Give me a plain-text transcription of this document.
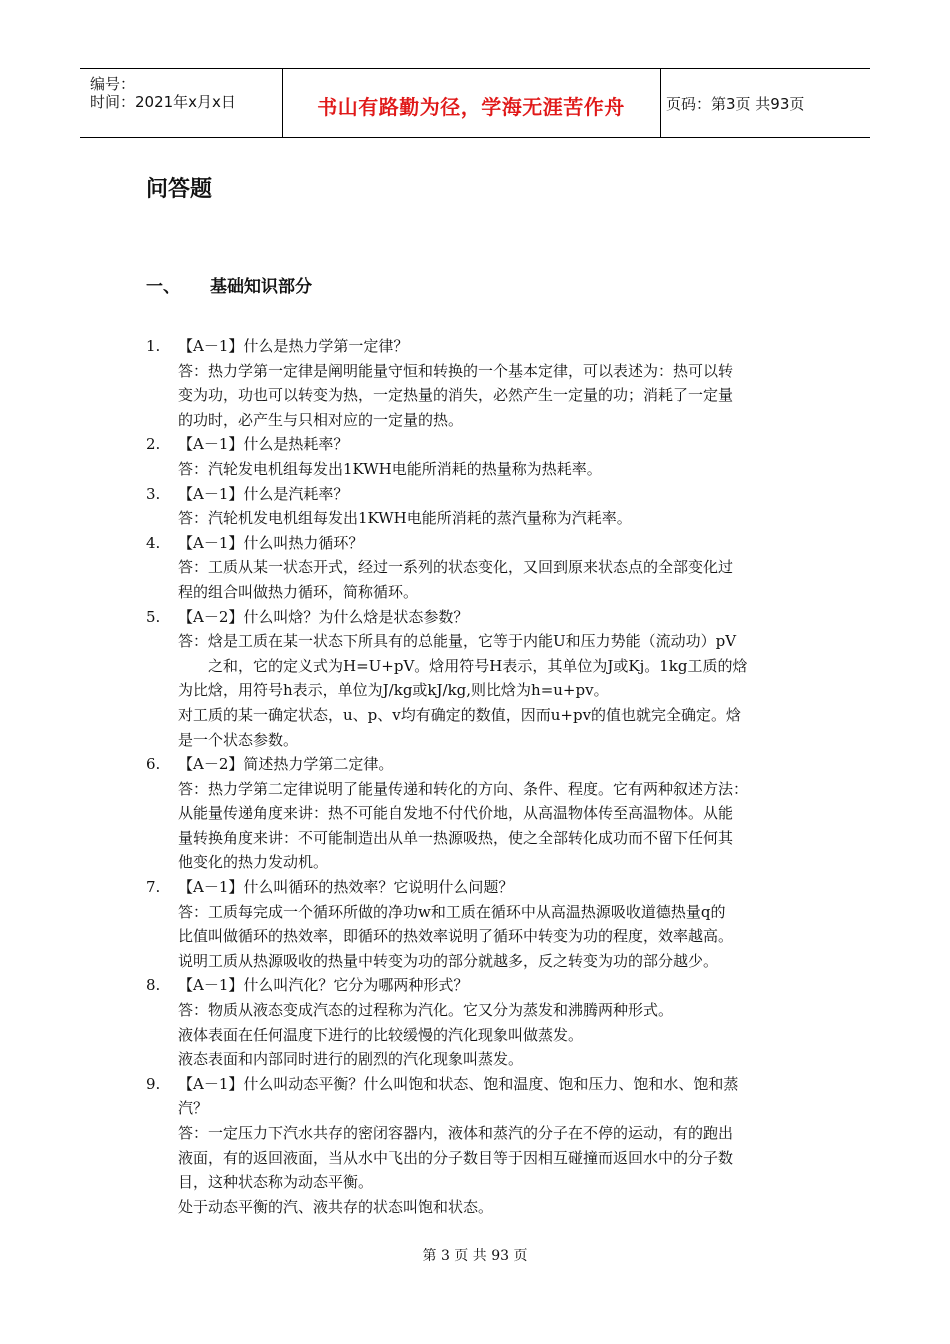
编号：
时间：2021年x月x日	书山有路勤为径，学海无涯苦作舟	页码：第3页 共93页
问答题
一、 基础知识部分
1. 【A－1】什么是热力学第一定律？
答：热力学第一定律是阐明能量守恒和转换的一个基本定律，可以表述为：热可以转
变为功，功也可以转变为热，一定热量的消失，必然产生一定量的功；消耗了一定量
的功时，必产生与只相对应的一定量的热。
2. 【A－1】什么是热耗率？
答：汽轮发电机组每发出1KWH电能所消耗的热量称为热耗率。
3. 【A－1】什么是汽耗率？
答：汽轮机发电机组每发出1KWH电能所消耗的蒸汽量称为汽耗率。
4. 【A－1】什么叫热力循环？
答：工质从某一状态开式，经过一系列的状态变化，又回到原来状态点的全部变化过
程的组合叫做热力循环，简称循环。
5. 【A－2】什么叫焓？为什么焓是状态参数？
答：焓是工质在某一状态下所具有的总能量，它等于内能U和压力势能（流动功）pV
之和，它的定义式为H=U+pV。焓用符号H表示，其单位为J或Kj。1kg工质的焓
为比焓，用符号h表示，单位为J/kg或kJ/kg,则比焓为h=u+pv。
对工质的某一确定状态，u、p、v均有确定的数值，因而u+pv的值也就完全确定。焓
是一个状态参数。
6. 【A－2】简述热力学第二定律。
答：热力学第二定律说明了能量传递和转化的方向、条件、程度。它有两种叙述方法：
从能量传递角度来讲：热不可能自发地不付代价地，从高温物体传至高温物体。从能
量转换角度来讲：不可能制造出从单一热源吸热，使之全部转化成功而不留下任何其
他变化的热力发动机。
7. 【A－1】什么叫循环的热效率？它说明什么问题？
答：工质每完成一个循环所做的净功w和工质在循环中从高温热源吸收道德热量q的
比值叫做循环的热效率，即循环的热效率说明了循环中转变为功的程度，效率越高。
说明工质从热源吸收的热量中转变为功的部分就越多，反之转变为功的部分越少。
8. 【A－1】什么叫汽化？它分为哪两种形式？
答：物质从液态变成汽态的过程称为汽化。它又分为蒸发和沸腾两种形式。
液体表面在任何温度下进行的比较缓慢的汽化现象叫做蒸发。
液态表面和内部同时进行的剧烈的汽化现象叫蒸发。
9. 【A－1】什么叫动态平衡？什么叫饱和状态、饱和温度、饱和压力、饱和水、饱和蒸
汽？
答：一定压力下汽水共存的密闭容器内，液体和蒸汽的分子在不停的运动，有的跑出
液面，有的返回液面，当从水中飞出的分子数目等于因相互碰撞而返回水中的分子数
目，这种状态称为动态平衡。
处于动态平衡的汽、液共存的状态叫饱和状态。
第 3 页 共 93 页
